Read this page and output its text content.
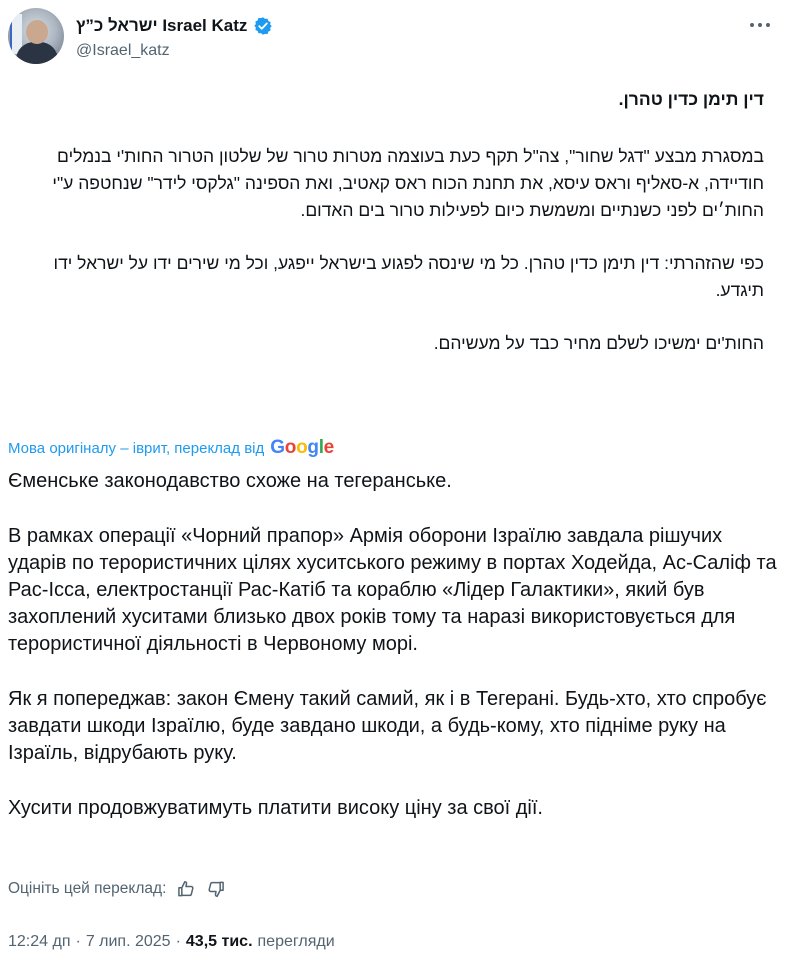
ישראל כ”ץ Israel Katz
@Israel_katz

דין תימן כדין טהרן.

במסגרת מבצע "דגל שחור", צה"ל תקף כעת בעוצמה מטרות טרור של שלטון הטרור החות'י בנמלים חודיידה, א-סאליף וראס עיסא, את תחנת הכוח ראס קאטיב, ואת הספינה "גלקסי לידר" שנחטפה ע"י החות׳ים לפני כשנתיים ומשמשת כיום לפעילות טרור בים האדום.

כפי שהזהרתי: דין תימן כדין טהרן. כל מי שינסה לפגוע בישראל ייפגע, וכל מי שירים ידו על ישראל ידו תיגדע.

החות'ים ימשיכו לשלם מחיר כבד על מעשיהם.

Мова оригіналу – іврит, переклад від Google

Єменське законодавство схоже на тегеранське.

В рамках операції «Чорний прапор» Армія оборони Ізраїлю завдала рішучих ударів по терористичних цілях хуситського режиму в портах Ходейда, Ас-Саліф та Рас-Ісса, електростанції Рас-Катіб та кораблю «Лідер Галактики», який був захоплений хуситами близько двох років тому та наразі використовується для терористичної діяльності в Червоному морі.

Як я попереджав: закон Ємену такий самий, як і в Тегерані. Будь-хто, хто спробує завдати шкоди Ізраїлю, буде завдано шкоди, а будь-кому, хто підніме руку на Ізраїль, відрубають руку.

Хусити продовжуватимуть платити високу ціну за свої дії.

Оцініть цей переклад:
12:24 дп · 7 лип. 2025 · 43,5 тис. перегляди
